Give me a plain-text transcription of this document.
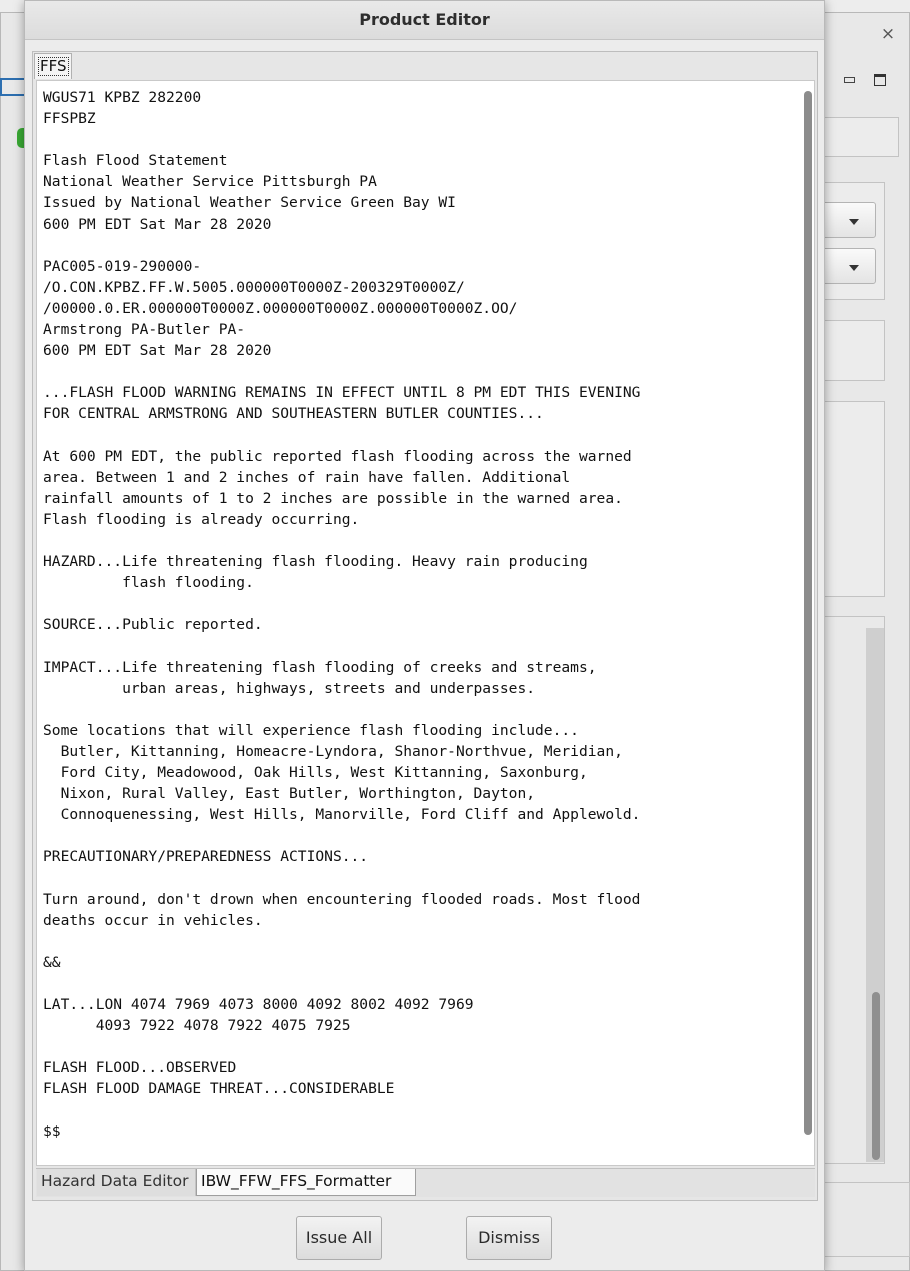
×
Product Editor
FFS
WGUS71 KPBZ 282200
FFSPBZ

Flash Flood Statement
National Weather Service Pittsburgh PA
Issued by National Weather Service Green Bay WI
600 PM EDT Sat Mar 28 2020

PAC005-019-290000-
/O.CON.KPBZ.FF.W.5005.000000T0000Z-200329T0000Z/
/00000.0.ER.000000T0000Z.000000T0000Z.000000T0000Z.OO/
Armstrong PA-Butler PA-
600 PM EDT Sat Mar 28 2020

...FLASH FLOOD WARNING REMAINS IN EFFECT UNTIL 8 PM EDT THIS EVENING
FOR CENTRAL ARMSTRONG AND SOUTHEASTERN BUTLER COUNTIES...

At 600 PM EDT, the public reported flash flooding across the warned
area. Between 1 and 2 inches of rain have fallen. Additional
rainfall amounts of 1 to 2 inches are possible in the warned area.
Flash flooding is already occurring.

HAZARD...Life threatening flash flooding. Heavy rain producing
flash flooding.

SOURCE...Public reported.

IMPACT...Life threatening flash flooding of creeks and streams,
urban areas, highways, streets and underpasses.

Some locations that will experience flash flooding include...
Butler, Kittanning, Homeacre-Lyndora, Shanor-Northvue, Meridian,
Ford City, Meadowood, Oak Hills, West Kittanning, Saxonburg,
Nixon, Rural Valley, East Butler, Worthington, Dayton,
Connoquenessing, West Hills, Manorville, Ford Cliff and Applewold.

PRECAUTIONARY/PREPAREDNESS ACTIONS...

Turn around, don't drown when encountering flooded roads. Most flood
deaths occur in vehicles.

&&

LAT...LON 4074 7969 4073 8000 4092 8002 4092 7969
4093 7922 4078 7922 4075 7925

FLASH FLOOD...OBSERVED
FLASH FLOOD DAMAGE THREAT...CONSIDERABLE

$$
Hazard Data Editor IBW_FFW_FFS_Formatter
Issue All	Dismiss
